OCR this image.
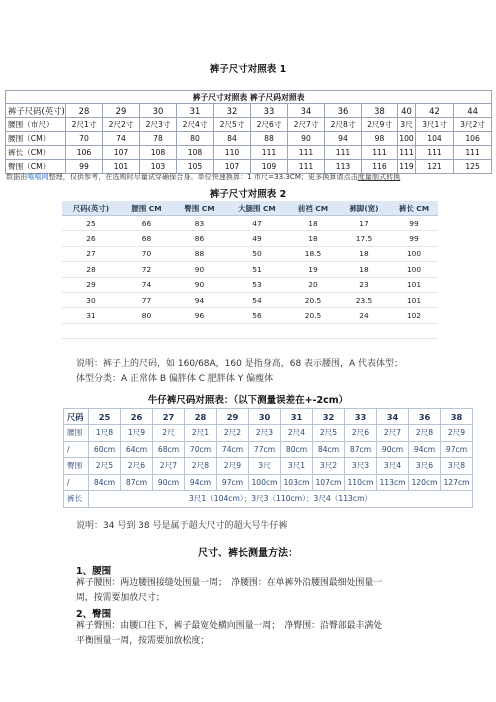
裤子尺寸对照表 1
裤子尺寸对照表 裤子尺码对照表												
裤子尺码(英寸)	28	29	30	31	32	33	34	36	38	40	42	44
腰围（市尺）	2尺1寸	2尺2寸	2尺3寸	2尺4寸	2尺5寸	2尺6寸	2尺7寸	2尺8寸	2尺9寸	3尺	3尺1寸	3尺2寸
腰围（CM）	70	74	78	80	84	88	90	94	98	100	104	106
裤长（CM）	106	107	108	108	110	111	111	111	111	111	111	111
臀围（CM）	99	101	103	105	107	109	111	113	116	119	121	125
数据由嘻嘻网整理，仅供参考，在选购时尽量试穿确保合身。单位快速换算：1 市尺=33.3CM；更多换算请点击度量制式转换
裤子尺寸对照表 2
尺码(英寸)	腰围 CM	臀围 CM	大腿围 CM	前裆 CM	裤脚(宽)	裤长 CM
25	66	83	47	18	17	99
26	68	86	49	18	17.5	99
27	70	88	50	18.5	18	100
28	72	90	51	19	18	100
29	74	90	53	20	23	101
30	77	94	54	20.5	23.5	101
31	80	96	56	20.5	24	102

说明：裤子上的尺码，如 160/68A，160 是指身高，68 表示腰围，A 代表体型；
体型分类：A 正常体 B 偏胖体 C 肥胖体 Y 偏瘦体
牛仔裤尺码对照表：（以下测量误差在+-2cm）
尺码	25	26	27	28	29	30	31	32	33	34	36	38
腰围	1尺8	1尺9	2尺	2尺1	2尺2	2尺3	2尺4	2尺5	2尺6	2尺7	2尺8	2尺9
/	60cm	64cm	68cm	70cm	74cm	77cm	80cm	84cm	87cm	90cm	94cm	97cm
臀围	2尺5	2尺6	2尺7	2尺8	2尺9	3尺	3尺1	3尺2	3尺3	3尺4	3尺6	3尺8
/	84cm	87cm	90cm	94cm	97cm	100cm	103cm	107cm	110cm	113cm	120cm	127cm
裤长	3尺1（104cm）；3尺3（110cm）；3尺4（113cm）											
说明：34 号到 38 号是属于超大尺寸的超大号牛仔裤
尺寸、裤长测量方法：
1、腰围
裤子腰围：两边腰围接缝处围量一周；　净腰围：在单裤外沿腰围最细处围量一
周，按需要加放尺寸；
2、臀围
裤子臀围：由腰口往下，裤子最宽处横向围量一周；　净臀围：沿臀部最丰满处
平衡围量一周，按需要加放松度；
